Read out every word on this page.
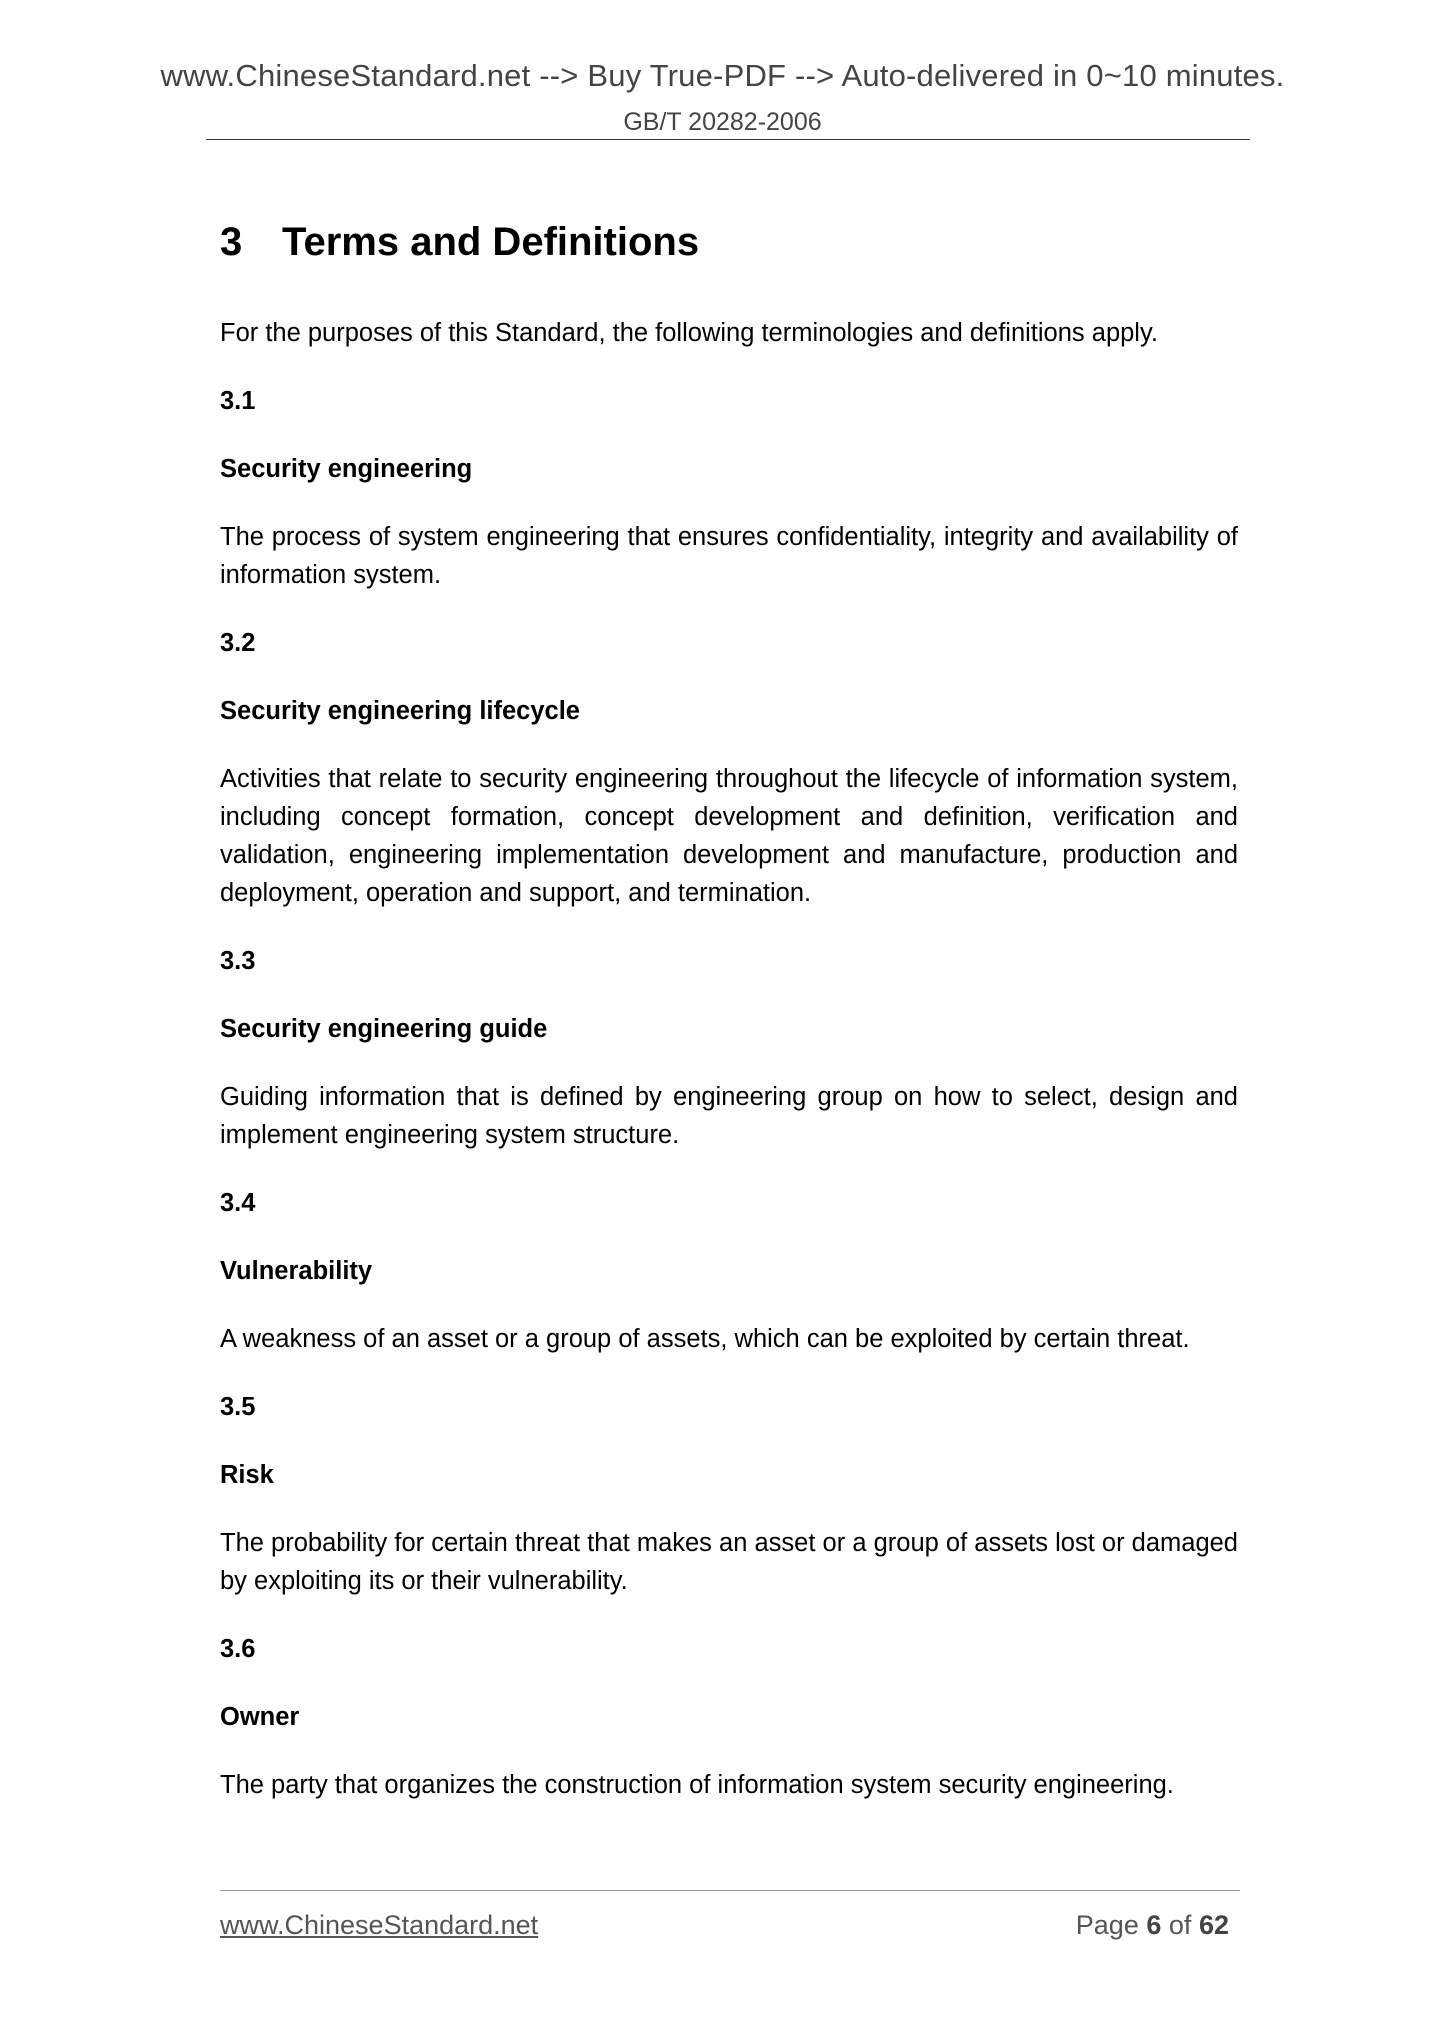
www.ChineseStandard.net --> Buy True-PDF --> Auto-delivered in 0~10 minutes.
GB/T 20282-2006
3 Terms and Definitions

For the purposes of this Standard, the following terminologies and definitions apply.

3.1

Security engineering

The process of system engineering that ensures confidentiality, integrity and availability of information system.

3.2

Security engineering lifecycle

Activities that relate to security engineering throughout the lifecycle of information system, including concept formation, concept development and definition, verification and validation, engineering implementation development and manufacture, production and deployment, operation and support, and termination.

3.3

Security engineering guide

Guiding information that is defined by engineering group on how to select, design and implement engineering system structure.

3.4

Vulnerability

A weakness of an asset or a group of assets, which can be exploited by certain threat.

3.5

Risk

The probability for certain threat that makes an asset or a group of assets lost or damaged by exploiting its or their vulnerability.

3.6

Owner

The party that organizes the construction of information system security engineering.

www.ChineseStandard.net	Page 6 of 62
